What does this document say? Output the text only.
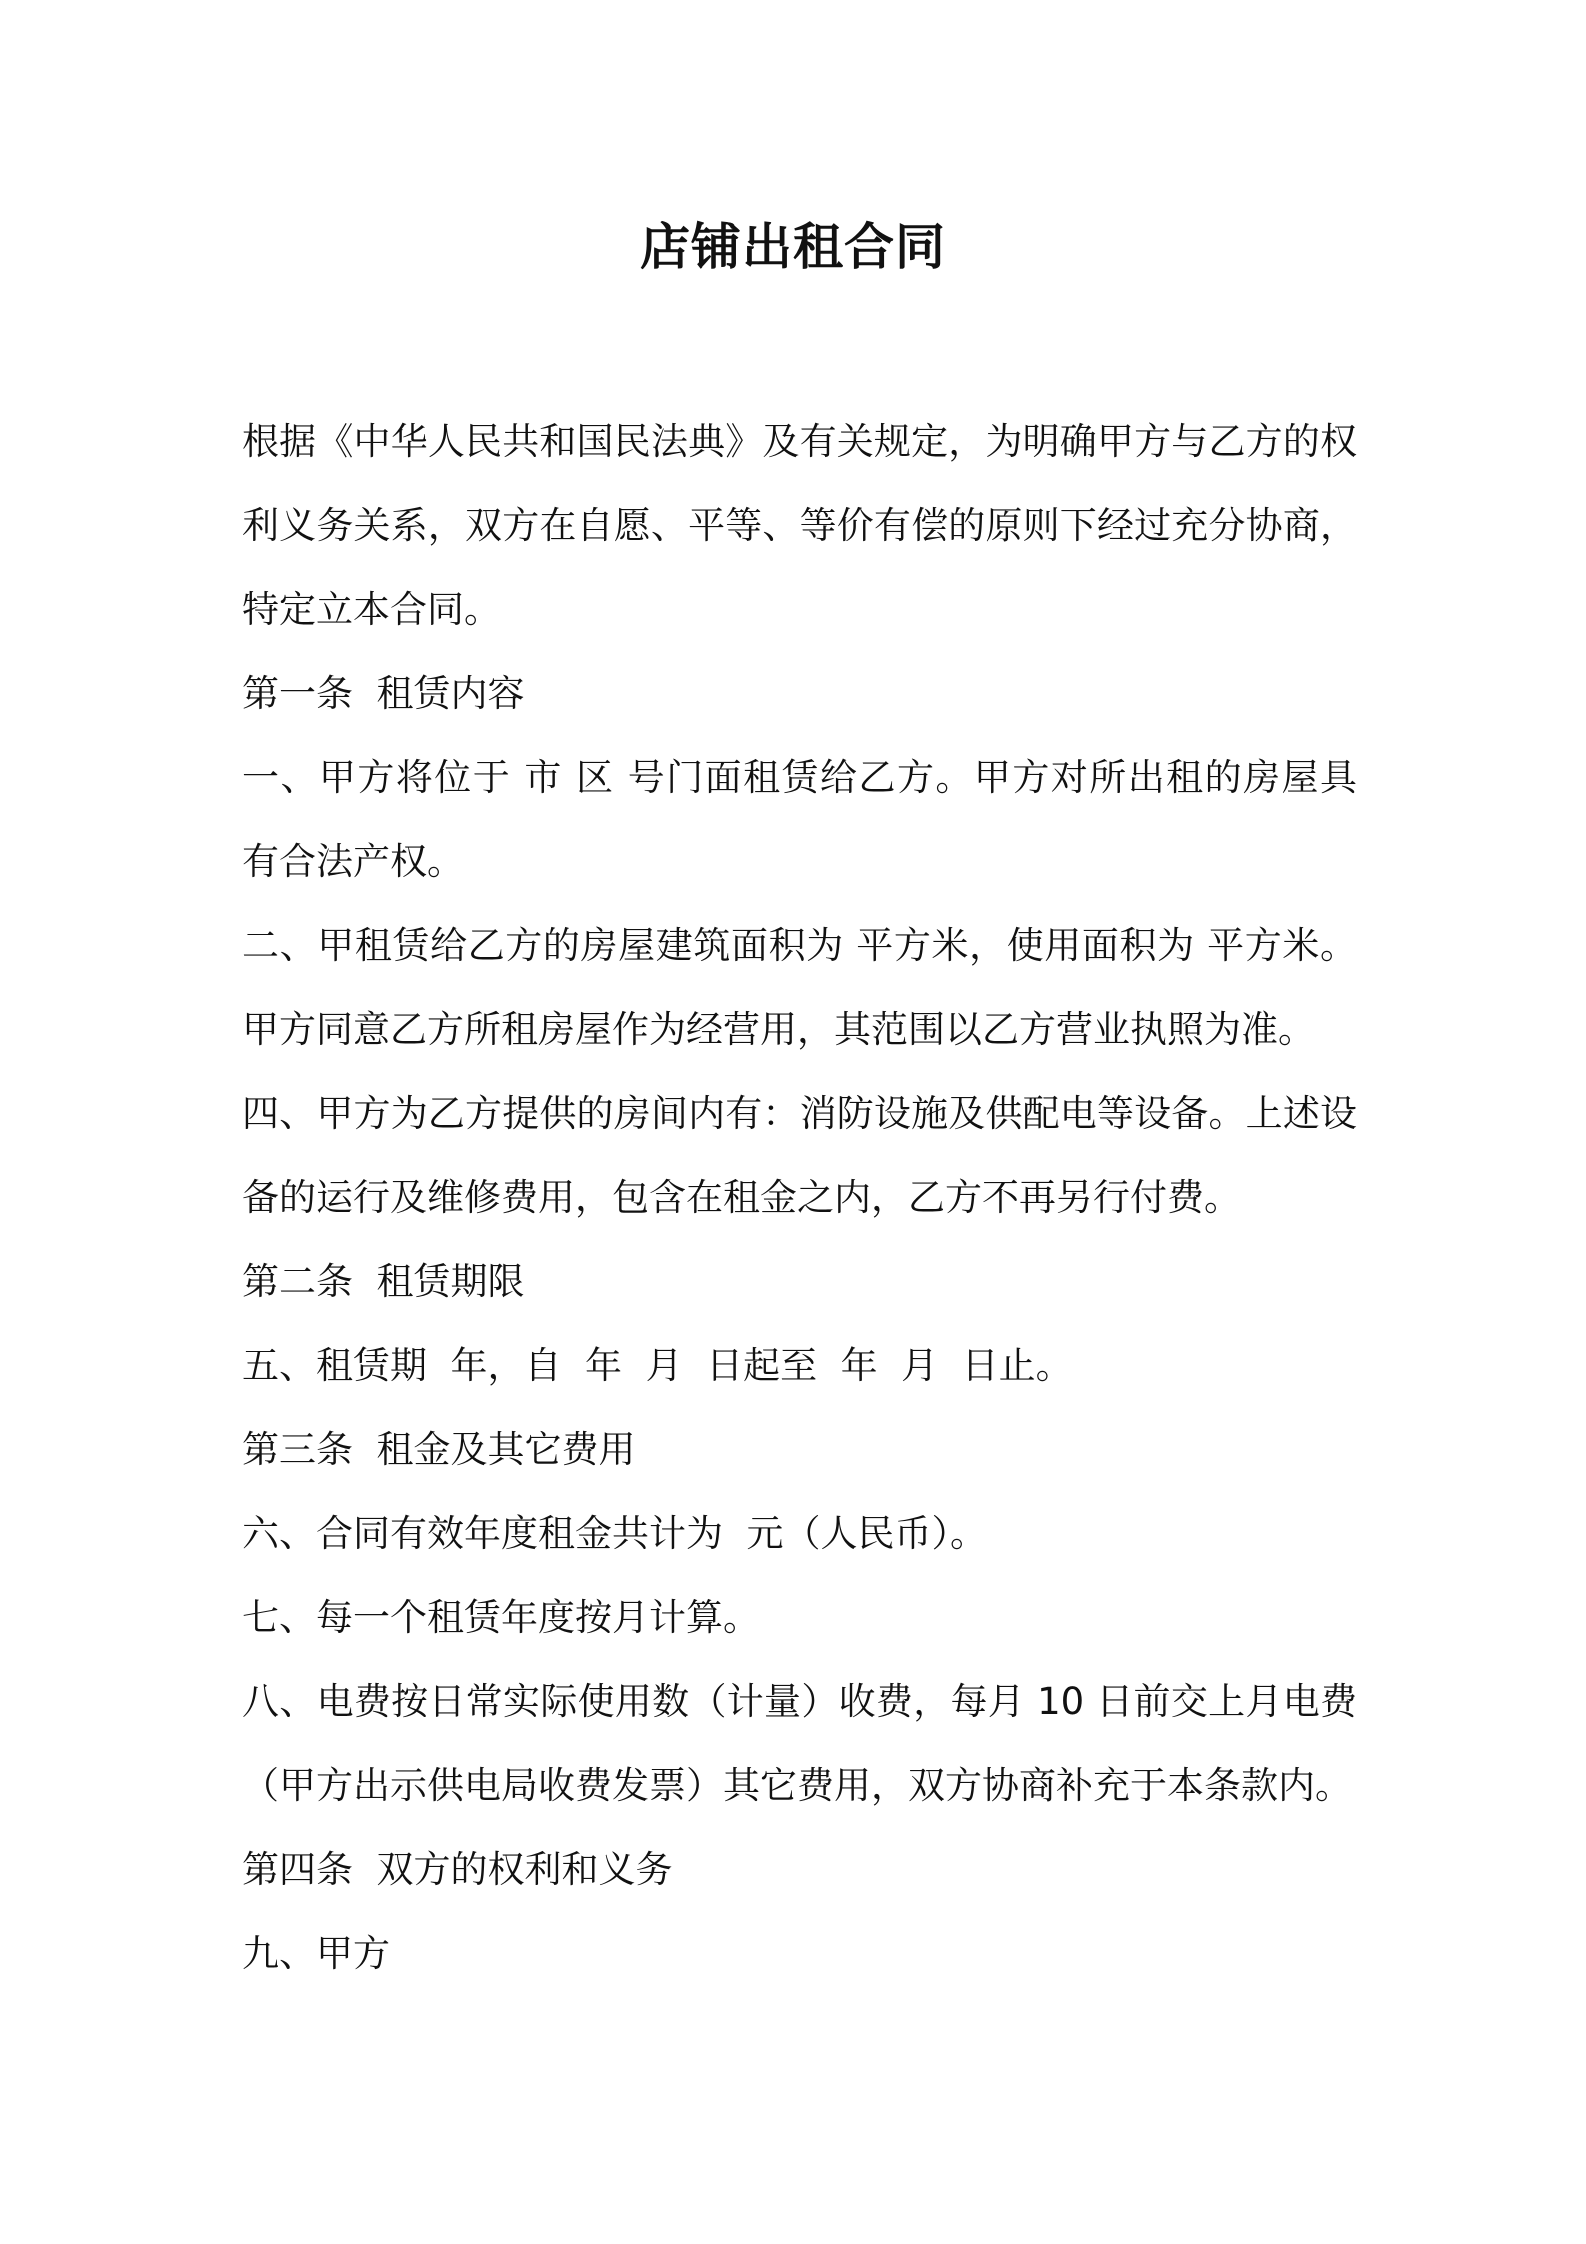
店铺出租合同
根据《中华人民共和国民法典》及有关规定，为明确甲方与乙方的权
利义务关系，双方在自愿、平等、等价有偿的原则下经过充分协商，
特定立本合同。
第一条  租赁内容
一、甲方将位于 市 区 号门面租赁给乙方。甲方对所出租的房屋具
有合法产权。
二、甲租赁给乙方的房屋建筑面积为 平方米，使用面积为 平方米。
甲方同意乙方所租房屋作为经营用，其范围以乙方营业执照为准。
四、甲方为乙方提供的房间内有：消防设施及供配电等设备。上述设
备的运行及维修费用，包含在租金之内，乙方不再另行付费。
第二条  租赁期限
五、租赁期  年，自  年  月  日起至  年  月  日止。
第三条  租金及其它费用
六、合同有效年度租金共计为  元（人民币）。
七、每一个租赁年度按月计算。
八、电费按日常实际使用数（计量）收费，每月 10 日前交上月电费
（甲方出示供电局收费发票）其它费用，双方协商补充于本条款内。
第四条  双方的权利和义务
九、甲方
